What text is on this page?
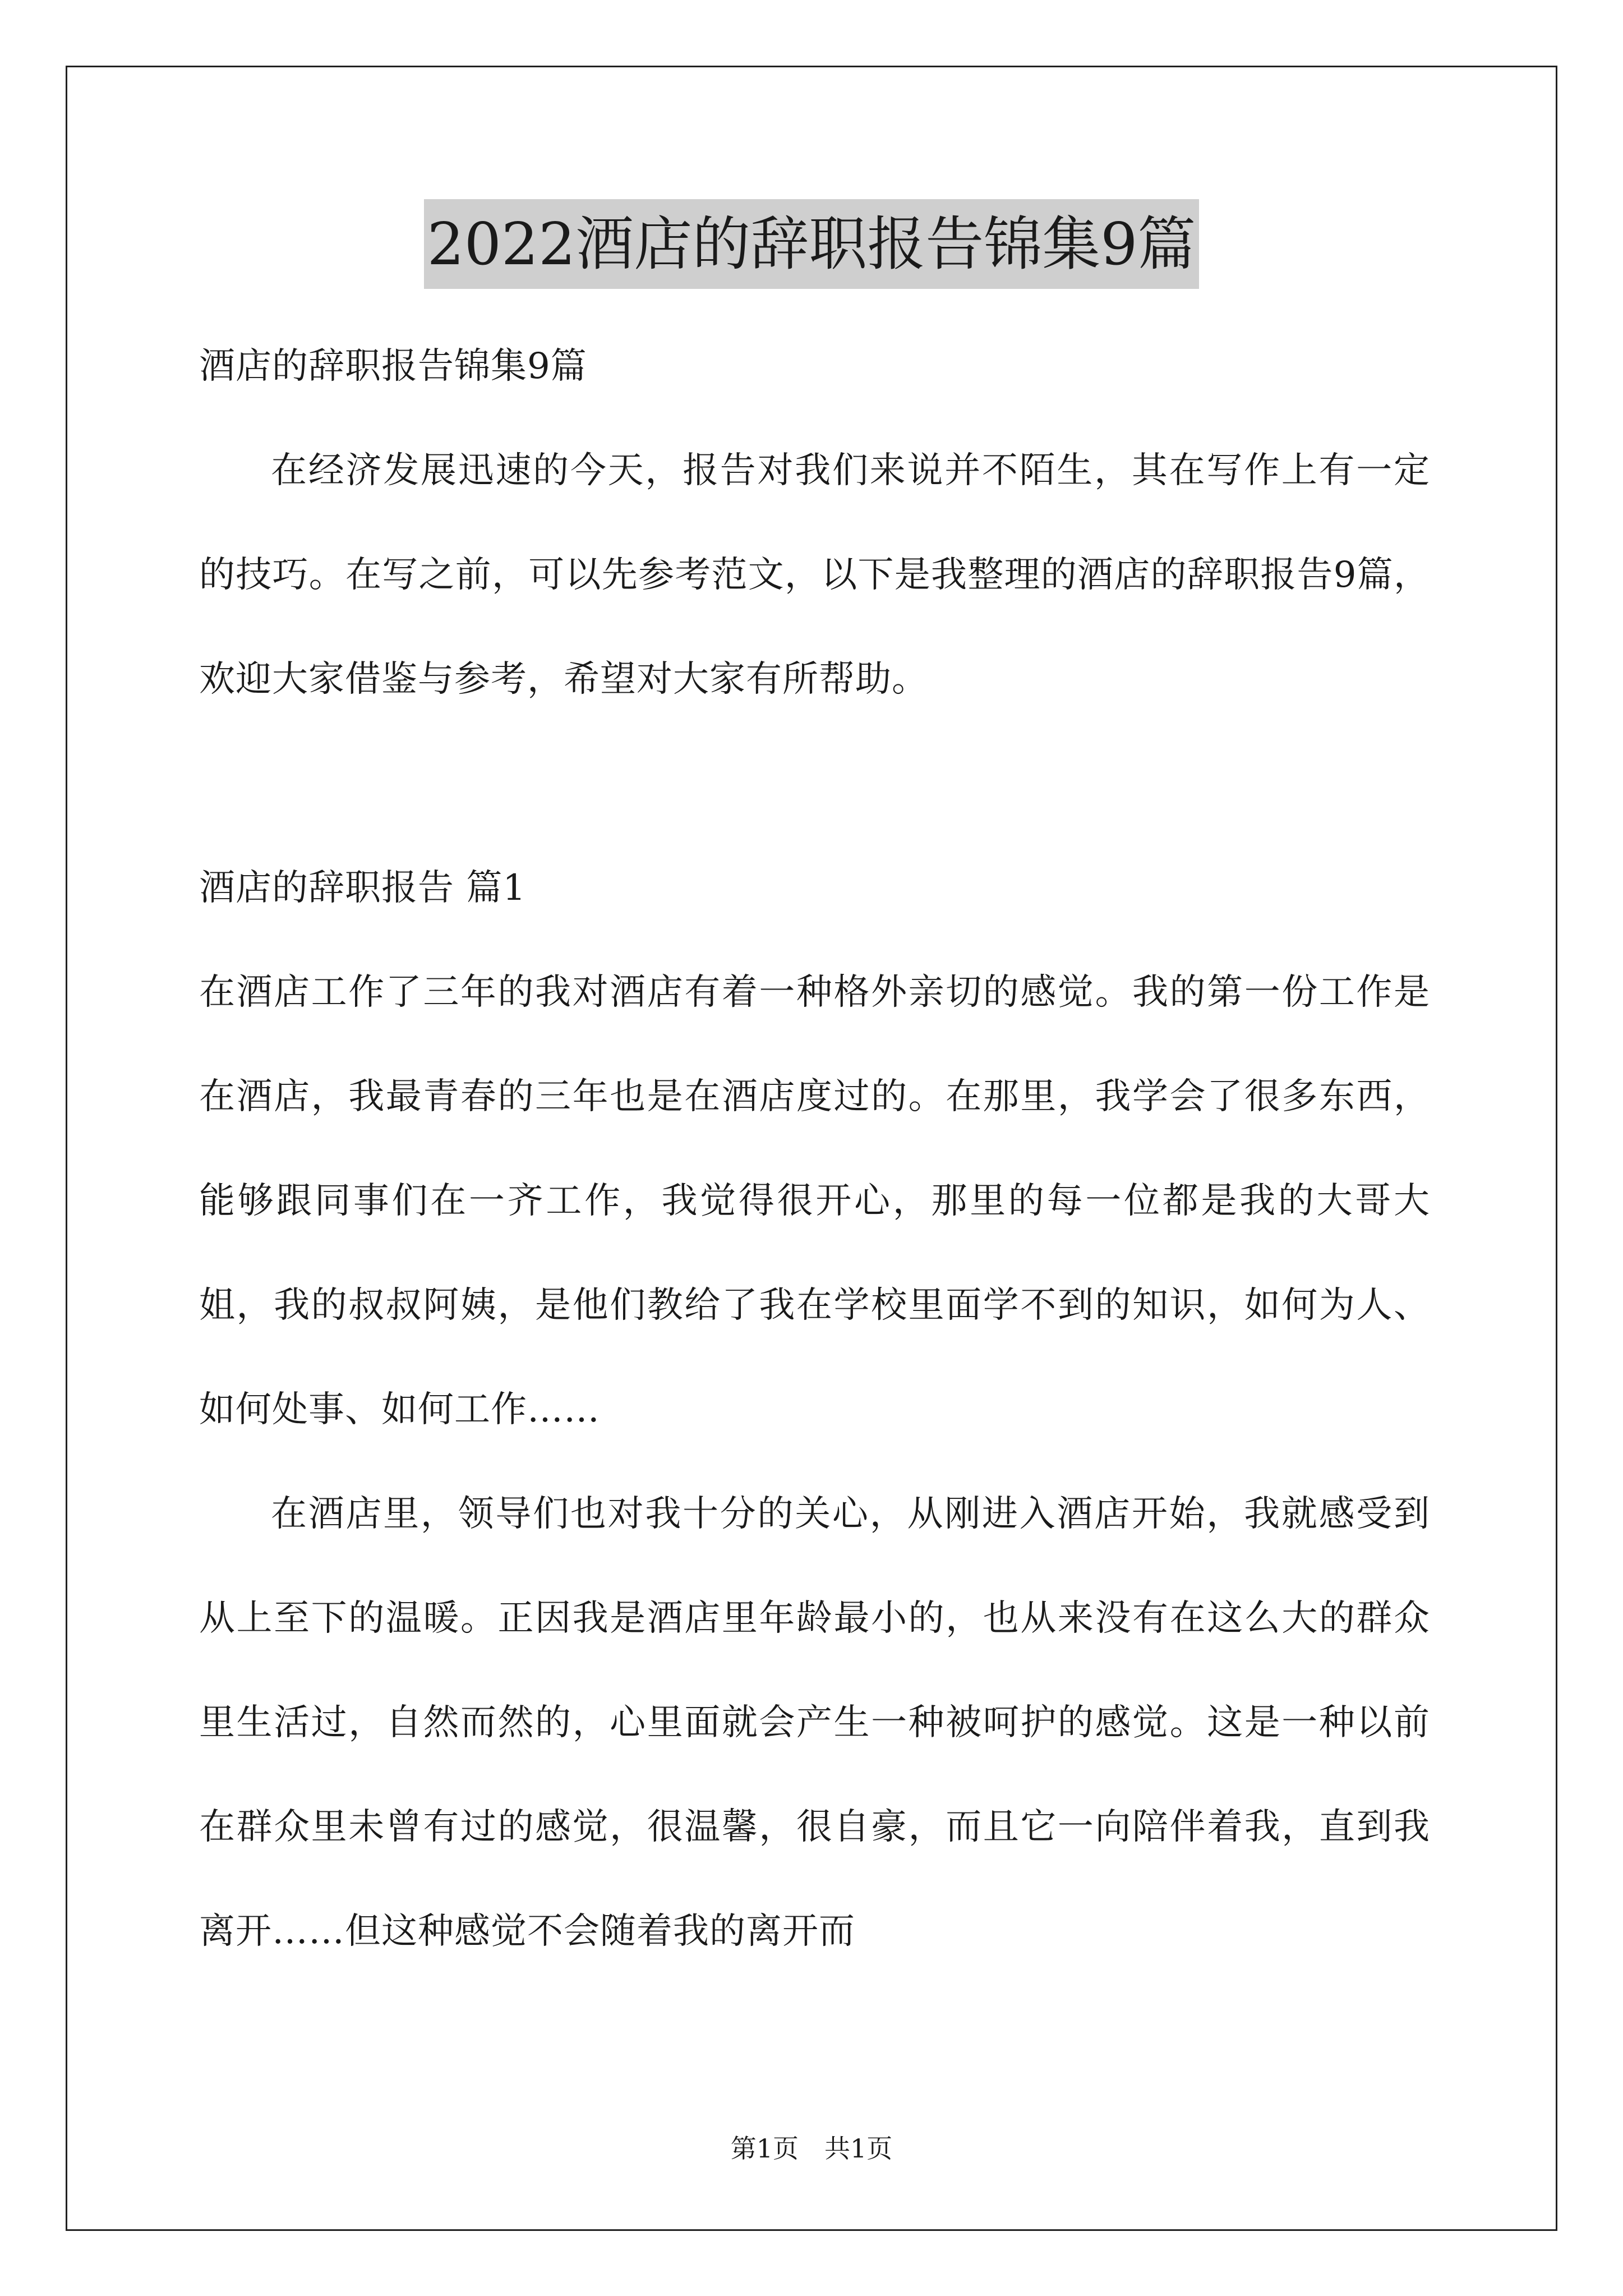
2022酒店的辞职报告锦集9篇

酒店的辞职报告锦集9篇

在经济发展迅速的今天，报告对我们来说并不陌生，其在写作上有一定的技巧。在写之前，可以先参考范文，以下是我整理的酒店的辞职报告9篇，欢迎大家借鉴与参考，希望对大家有所帮助。

酒店的辞职报告 篇1

在酒店工作了三年的我对酒店有着一种格外亲切的感觉。我的第一份工作是在酒店，我最青春的三年也是在酒店度过的。在那里，我学会了很多东西，能够跟同事们在一齐工作，我觉得很开心，那里的每一位都是我的大哥大姐，我的叔叔阿姨，是他们教给了我在学校里面学不到的知识，如何为人、如何处事、如何工作……

在酒店里，领导们也对我十分的关心，从刚进入酒店开始，我就感受到从上至下的温暖。正因我是酒店里年龄最小的，也从来没有在这么大的群众里生活过，自然而然的，心里面就会产生一种被呵护的感觉。这是一种以前在群众里未曾有过的感觉，很温馨，很自豪，而且它一向陪伴着我，直到我离开……但这种感觉不会随着我的离开而

第1页 共1页
